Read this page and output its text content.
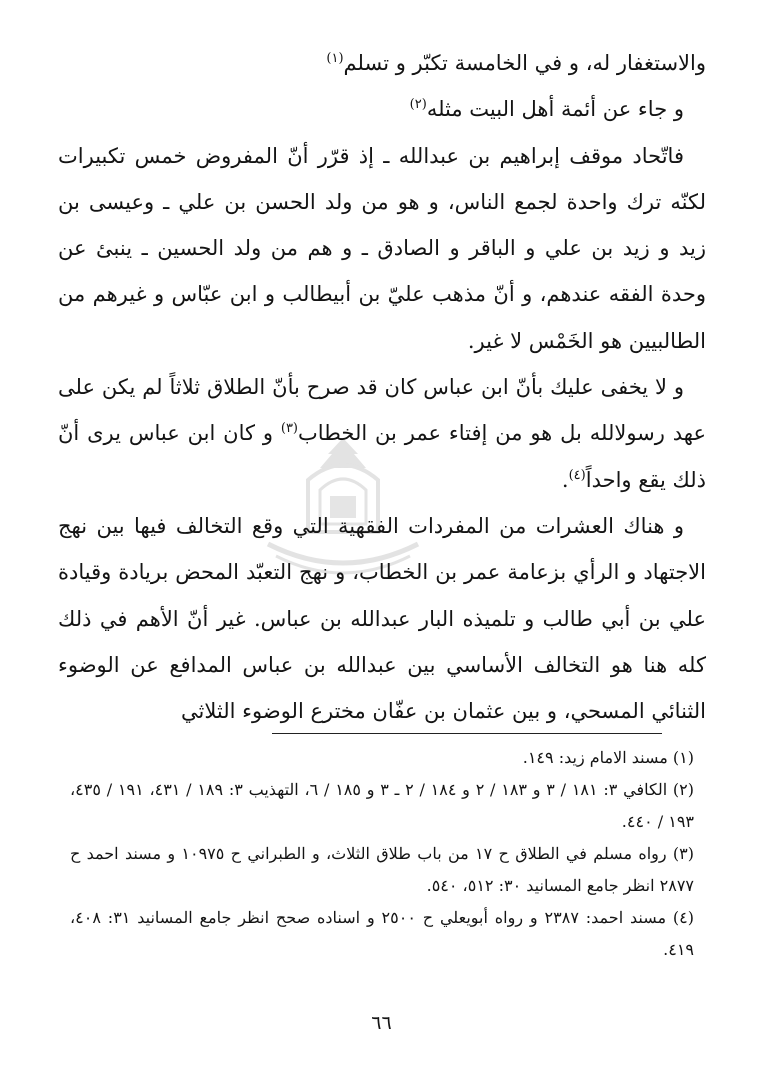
والاستغفار له، و في الخامسة تكبّر و تسلم$^{(١)}$

و جاء عن أئمة أهل البيت مثله$^{(٢)}$

فاتّحاد موقف إبراهيم بن عبدالله ـ إذ قرّر أنّ المفروض خمس تكبيرات لكنّه ترك واحدة لجمع الناس، و هو من ولد الحسن بن علي ـ وعيسى بن زيد و زيد بن علي و الباقر و الصادق ـ و هم من ولد الحسين ـ ينبئ عن وحدة الفقه عندهم، و أنّ مذهب عليّ بن أبيطالب و ابن عبّاس و غيرهم من الطالبيين هو الخَمْس لا غير.

و لا يخفى عليك بأنّ ابن عباس كان قد صرح بأنّ الطلاق ثلاثاً لم يكن على عهد رسولالله بل هو من إفتاء عمر بن الخطاب$^{(٣)}$ و كان ابن عباس يرى أنّ ذلك يقع واحداً$^{(٤)}$.

و هناك العشرات من المفردات الفقهية التي وقع التخالف فيها بين نهج الاجتهاد و الرأي بزعامة عمر بن الخطاب، و نهج التعبّد المحض بريادة وقيادة علي بن أبي طالب و تلميذه البار عبدالله بن عباس. غير أنّ الأهم في ذلك كله هنا هو التخالف الأساسي بين عبدالله بن عباس المدافع عن الوضوء الثنائي المسحي، و بين عثمان بن عفّان مخترع الوضوء الثلاثي

(١) مسند الامام زيد: ١٤٩.

(٢) الكافي ٣: ١٨١ / ٣ و ١٨٣ / ٢ و ١٨٤ / ٢ ـ ٣ و ١٨٥ / ٦، التهذيب ٣: ١٨٩ / ٤٣١، ١٩١ / ٤٣٥، ١٩٣ / ٤٤٠.

(٣) رواه مسلم في الطلاق ح ١٧ من باب طلاق الثلاث، و الطبراني ح ١٠٩٧٥ و مسند احمد ح ٢٨٧٧ انظر جامع المسانيد ٣٠: ٥١٢، ٥٤٠.

(٤) مسند احمد: ٢٣٨٧ و رواه أبويعلي ح ٢٥٠٠ و اسناده صحح انظر جامع المسانيد ٣١: ٤٠٨، ٤١٩.

٦٦
